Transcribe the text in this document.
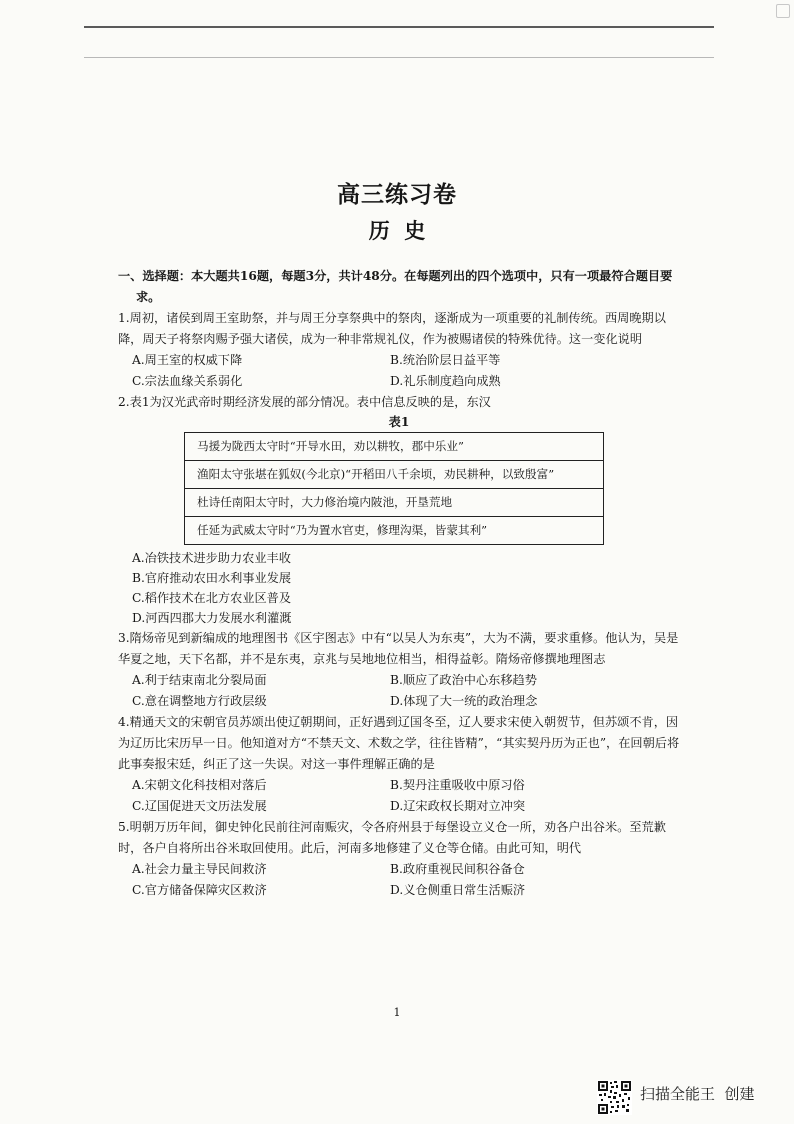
高三练习卷
历  史
一、选择题：本大题共16题，每题3分，共计48分。在每题列出的四个选项中，只有一项最符合题目要求。
1.周初，诸侯到周王室助祭，并与周王分享祭典中的祭肉，逐渐成为一项重要的礼制传统。西周晚期以降，周天子将祭肉赐予强大诸侯，成为一种非常规礼仪，作为被赐诸侯的特殊优待。这一变化说明
A.周王室的权威下降	B.统治阶层日益平等
C.宗法血缘关系弱化	D.礼乐制度趋向成熟
2.表1为汉光武帝时期经济发展的部分情况。表中信息反映的是，东汉
表1
马援为陇西太守时“开导水田，劝以耕牧，郡中乐业”
渔阳太守张堪在狐奴(今北京)“开稻田八千余顷，劝民耕种，以致殷富”
杜诗任南阳太守时，大力修治境内陂池，开垦荒地
任延为武威太守时“乃为置水官吏，修理沟渠，皆蒙其利”
A.冶铁技术进步助力农业丰收
B.官府推动农田水利事业发展
C.稻作技术在北方农业区普及
D.河西四郡大力发展水利灌溉
3.隋炀帝见到新编成的地理图书《区宇图志》中有“以吴人为东夷”，大为不满，要求重修。他认为，吴是华夏之地，天下名都，并不是东夷，京兆与吴地地位相当，相得益彰。隋炀帝修撰地理图志
A.利于结束南北分裂局面	B.顺应了政治中心东移趋势
C.意在调整地方行政层级	D.体现了大一统的政治理念
4.精通天文的宋朝官员苏颂出使辽朝期间，正好遇到辽国冬至，辽人要求宋使入朝贺节，但苏颂不肯，因为辽历比宋历早一日。他知道对方“不禁天文、术数之学，往往皆精”，“其实契丹历为正也”，在回朝后将此事奏报宋廷，纠正了这一失误。对这一事件理解正确的是
A.宋朝文化科技相对落后	B.契丹注重吸收中原习俗
C.辽国促进天文历法发展	D.辽宋政权长期对立冲突
5.明朝万历年间，御史钟化民前往河南赈灾，令各府州县于每堡设立义仓一所，劝各户出谷米。至荒歉时，各户自将所出谷米取回使用。此后，河南多地修建了义仓等仓储。由此可知，明代
A.社会力量主导民间救济	B.政府重视民间积谷备仓
C.官方储备保障灾区救济	D.义仓侧重日常生活赈济
1
扫描全能王  创建
